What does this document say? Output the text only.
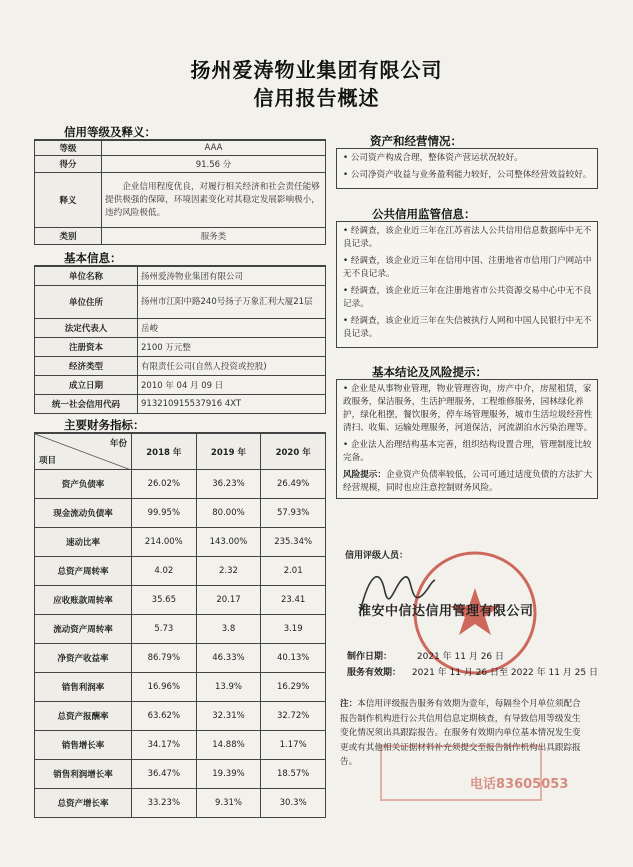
扬州爱涛物业集团有限公司
信用报告概述
信用等级及释义：
等级	AAA
得分	91.56 分
释义	企业信用程度优良，对履行相关经济和社会责任能够提供极强的保障，环境因素变化对其稳定发展影响极小，违约风险极低。
类别	服务类
基本信息：
单位名称	扬州爱涛物业集团有限公司
单位住所	扬州市江阳中路240号扬子万象汇利大厦21层
法定代表人	岳峻
注册资本	2100 万元整
经济类型	有限责任公司(自然人投资或控股)
成立日期	2010 年 04 月 09 日
统一社会信用代码	913210915537916 4XT
主要财务指标：
年份
项目	2018 年	2019 年	2020 年
资产负债率	26.02%	36.23%	26.49%
现金流动负债率	99.95%	80.00%	57.93%
速动比率	214.00%	143.00%	235.34%
总资产周转率	4.02	2.32	2.01
应收账款周转率	35.65	20.17	23.41
流动资产周转率	5.73	3.8	3.19
净资产收益率	86.79%	46.33%	40.13%
销售利润率	16.96%	13.9%	16.29%
总资产报酬率	63.62%	32.31%	32.72%
销售增长率	34.17%	14.88%	1.17%
销售利润增长率	36.47%	19.39%	18.57%
总资产增长率	33.23%	9.31%	30.3%
资产和经营情况：

• 公司资产构成合理，整体资产营运状况较好。

• 公司净资产收益与业务盈利能力较好，公司整体经营效益较好。

公共信用监管信息：

• 经调查，该企业近三年在江苏省法人公共信用信息数据库中无不良记录。

• 经调查，该企业近三年在信用中国、注册地省市信用门户网站中无不良记录。

• 经调查，该企业近三年在注册地省市公共资源交易中心中无不良记录。

• 经调查，该企业近三年在失信被执行人网和中国人民银行中无不良记录。

基本结论及风险提示：

• 企业是从事物业管理，物业管理咨询，房产中介，房屋租赁，家政服务，保洁服务，生活护理服务，工程维修服务，园林绿化养护，绿化租摆，餐饮服务，停车场管理服务，城市生活垃圾经营性清扫、收集、运输处理服务，河道保洁，河流湖泊水污染治理等。

• 企业法人治理结构基本完善，组织结构设置合理，管理制度比较完备。

风险提示：企业资产负债率较低，公司可通过适度负债的方法扩大经营规模，同时也应注意控制财务风险。

信用评级人员：
淮安中信达信用管理有限公司
制作日期：	2021 年 11 月 26 日
服务有效期： 2021 年 11 月 26 日至 2022 年 11 月 25 日
注：本信用评级报告服务有效期为壹年，每隔叁个月单位须配合报告制作机构进行公共信用信息定期核查，有导致信用等级发生变化情况须出具跟踪报告。在服务有效期内单位基本情况发生变更或有其他相关证据材料补充须提交至报告制作机构出具跟踪报告。
电话83605053
